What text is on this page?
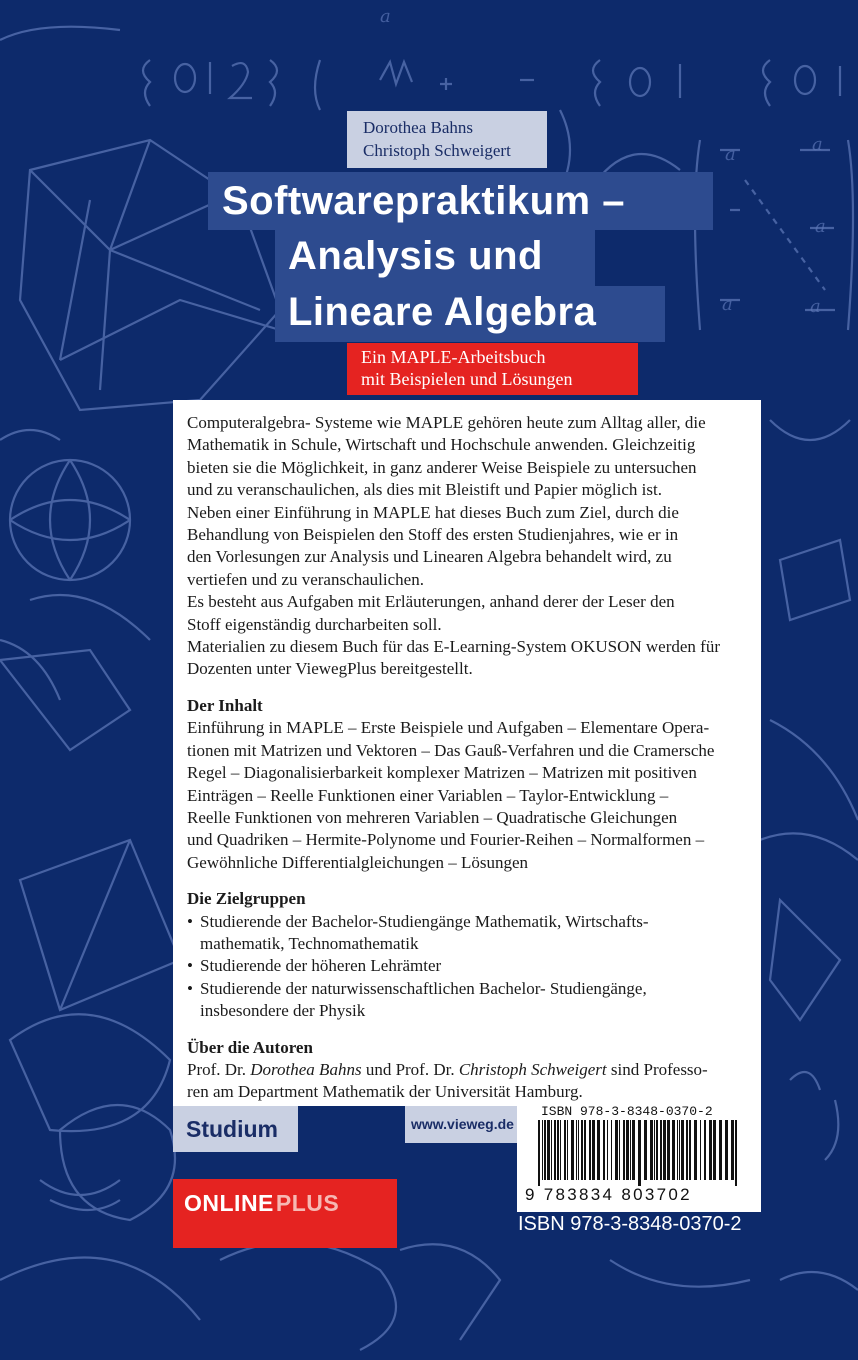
a
a	a
a
a	a
Dorothea Bahns
Christoph Schweigert
Softwarepraktikum –
Analysis und
Lineare Algebra
Ein MAPLE-Arbeitsbuch
mit Beispielen und Lösungen

Computeralgebra- Systeme wie MAPLE gehören heute zum Alltag aller, die

Mathematik in Schule, Wirtschaft und Hochschule anwenden. Gleichzeitig

bieten sie die Möglichkeit, in ganz anderer Weise Beispiele zu untersuchen

und zu veranschaulichen, als dies mit Bleistift und Papier möglich ist.

Neben einer Einführung in MAPLE hat dieses Buch zum Ziel, durch die

Behandlung von Beispielen den Stoff des ersten Studienjahres, wie er in

den Vorlesungen zur Analysis und Linearen Algebra behandelt wird, zu

vertiefen und zu veranschaulichen.

Es besteht aus Aufgaben mit Erläuterungen, anhand derer der Leser den

Stoff eigenständig durcharbeiten soll.

Materialien zu diesem Buch für das E-Learning-System OKUSON werden für

Dozenten unter ViewegPlus bereitgestellt.

Der Inhalt

Einführung in MAPLE – Erste Beispiele und Aufgaben – Elementare Opera-

tionen mit Matrizen und Vektoren – Das Gauß-Verfahren und die Cramersche

Regel – Diagonalisierbarkeit komplexer Matrizen – Matrizen mit positiven

Einträgen – Reelle Funktionen einer Variablen – Taylor-Entwicklung –

Reelle Funktionen von mehreren Variablen – Quadratische Gleichungen

und Quadriken – Hermite-Polynome und Fourier-Reihen – Normalformen –

Gewöhnliche Differentialgleichungen – Lösungen

Die Zielgruppen

• Studierende der Bachelor-Studiengänge Mathematik, Wirtschafts-
mathematik, Technomathematik
• Studierende der höheren Lehrämter
• Studierende der naturwissenschaftlichen Bachelor- Studiengänge,
insbesondere der Physik

Über die Autoren

Prof. Dr. Dorothea Bahns und Prof. Dr. Christoph Schweigert sind Professo-

ren am Department Mathematik der Universität Hamburg.

Studium	www.vieweg.de
ISBN 978-3-8348-0370-2
9 783834 803702
ONLINEPLUS
ISBN 978-3-8348-0370-2
